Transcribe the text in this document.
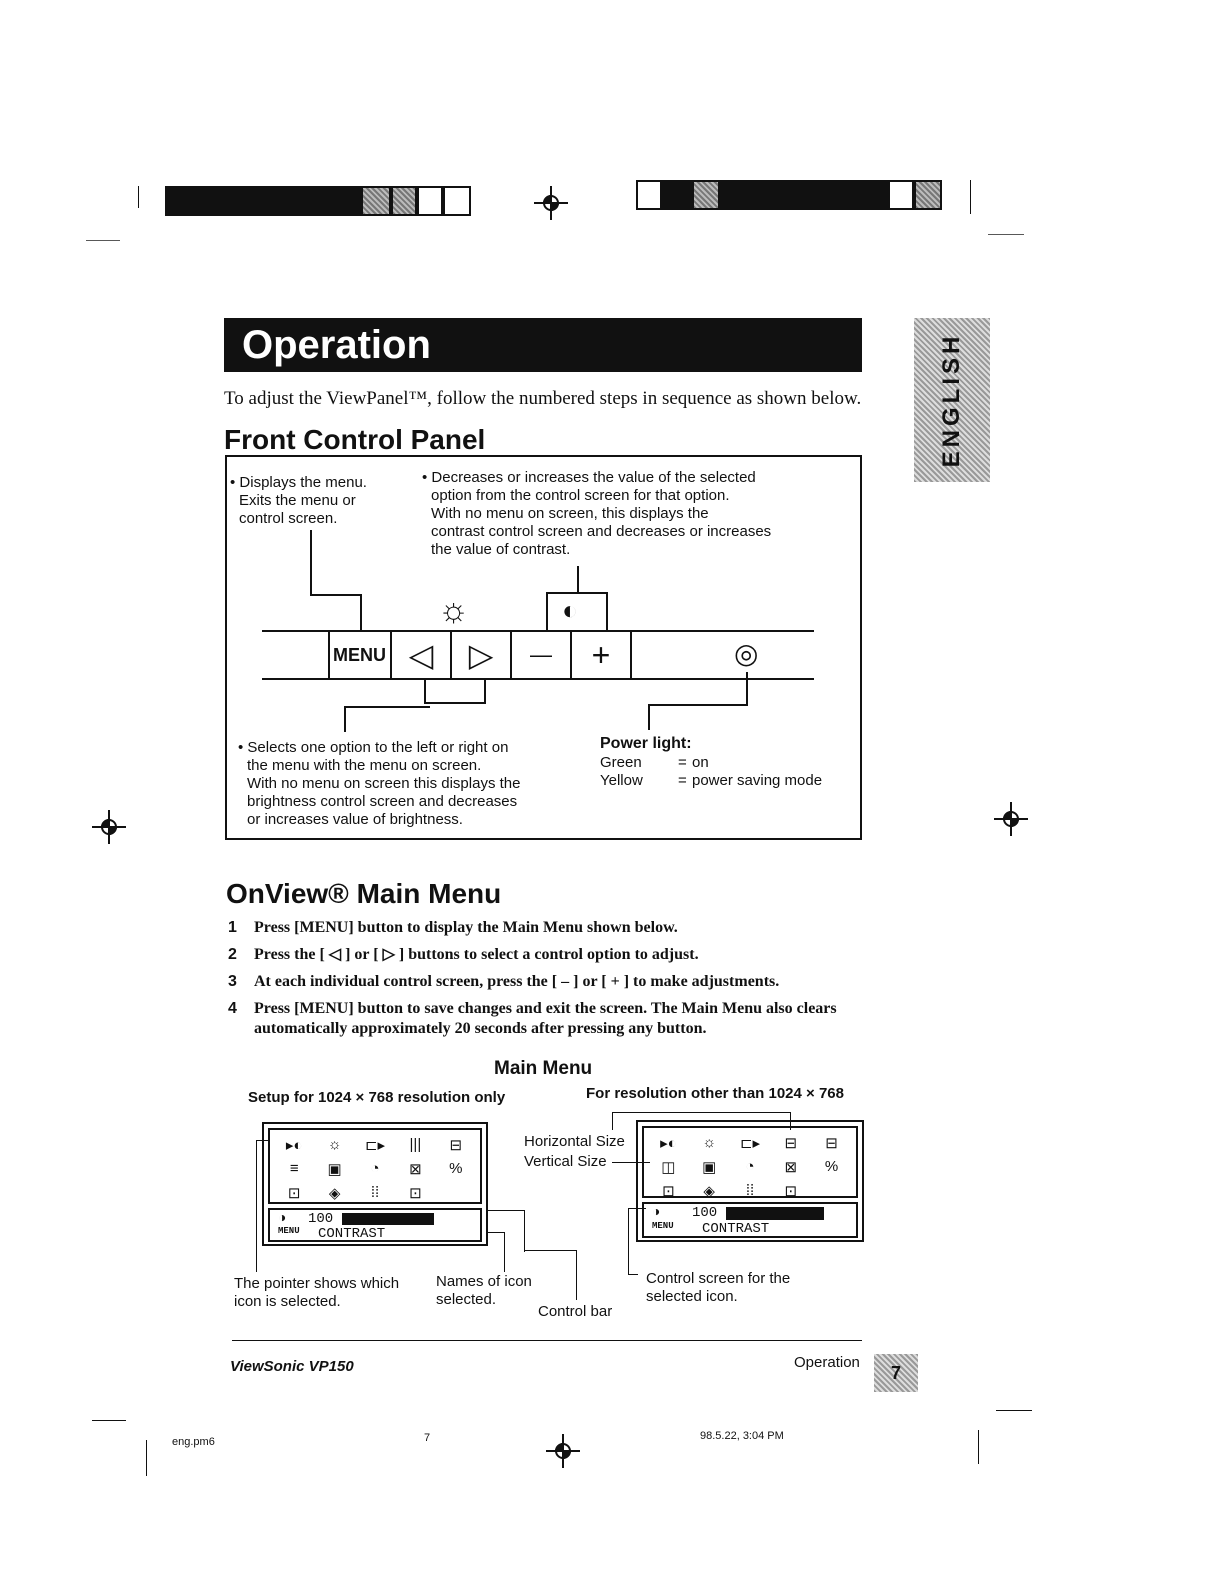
Operation	ENGLISH
To adjust the ViewPanel™, follow the numbered steps in sequence as shown below.
Front Control Panel
• Displays the menu.
Exits the menu or
control screen.
• Decreases or increases the value of the selected
option from the control screen for that option.
With no menu on screen, this displays the
contrast control screen and decreases or increases
the value of contrast.
◐
☼
MENU ◁	▷	—	+	◎
• Selects one option to the left or right on
the menu with the menu on screen.
With no menu on screen this displays the
brightness control screen and decreases
or increases value of brightness.
Power light:
Green	= on
Yellow	= power saving mode
OnView® Main Menu
1	Press [MENU] button to display the Main Menu shown below.
2	Press the [ ◁ ] or [ ▷ ] buttons to select a control option to adjust.
3	At each individual control screen, press the [ – ] or [ + ] to make adjustments.
4	Press [MENU] button to save changes and exit the screen. The Main Menu also clears automatically approximately 20 seconds after pressing any button.
Main Menu
Setup for 1024 × 768 resolution only	For resolution other than 1024 × 768
▸◐	☼	⊏▸	|||	⊟
≡	▣	◔	⊠	%
⊡	◈	⁞⁞	⊡
◑	100
MENU	CONTRAST
▸◐	☼	⊏▸	⊟	⊟
◫	▣	◔	⊠	%
⊡	◈	⁞⁞	⊡
◑	100
MENU	CONTRAST
Horizontal Size
Vertical Size
The pointer shows which
icon is selected.
Names of icon
selected.
Control bar
Control screen for the
selected icon.
ViewSonic VP150	Operation 7
eng.pm6	7	98.5.22, 3:04 PM
